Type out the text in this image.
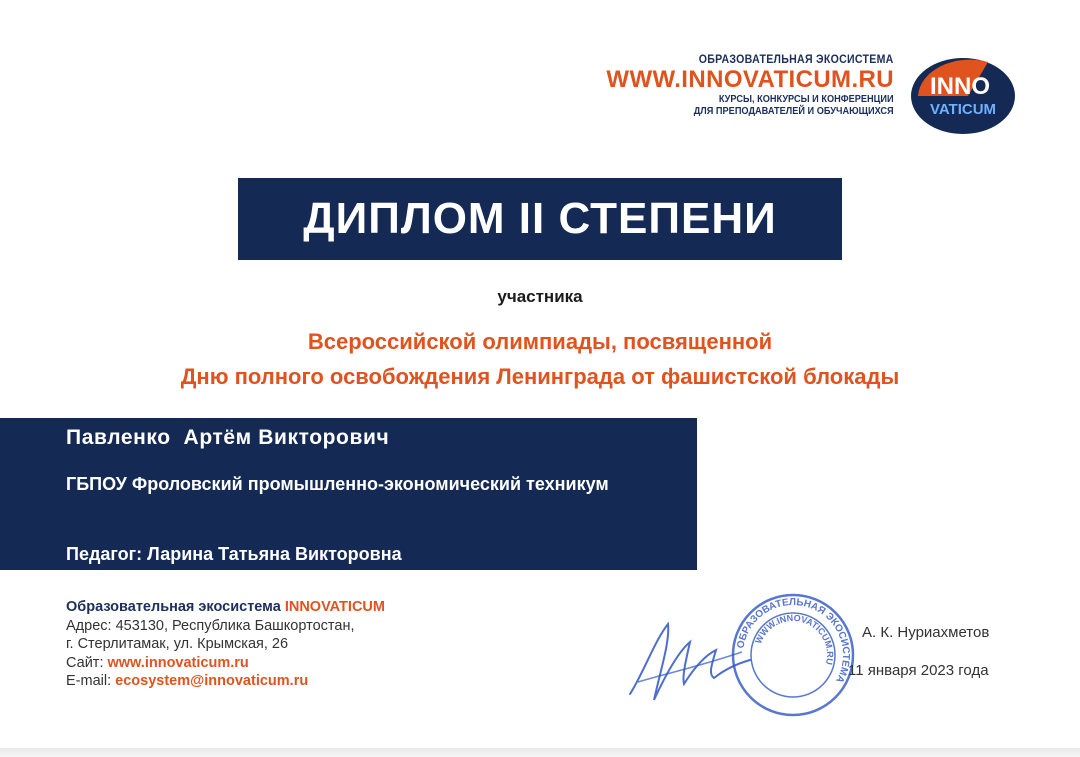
ОБРАЗОВАТЕЛЬНАЯ ЭКОСИСТЕМА
WWW.INNOVATICUM.RU
КУРСЫ, КОНКУРСЫ И КОНФЕРЕНЦИИ
ДЛЯ ПРЕПОДАВАТЕЛЕЙ И ОБУЧАЮЩИХСЯ
INNO
VATICUM
ДИПЛОМ II СТЕПЕНИ
участника
Всероссийской олимпиады, посвященной
Дню полного освобождения Ленинграда от фашистской блокады
Павленко  Артём Викторович
ГБПОУ Фроловский промышленно-экономический техникум
Педагог: Ларина Татьяна Викторовна
Образовательная экосистема INNOVATICUM
Адрес: 453130, Республика Башкортостан,
г. Стерлитамак, ул. Крымская, 26
Сайт: www.innovaticum.ru
E-mail: ecosystem@innovaticum.ru
ОБРАЗОВАТЕЛЬНАЯ ЭКОСИСТЕМА
WWW.INNOVATICUM.RU
А. К. Нуриахметов
11 января 2023 года
